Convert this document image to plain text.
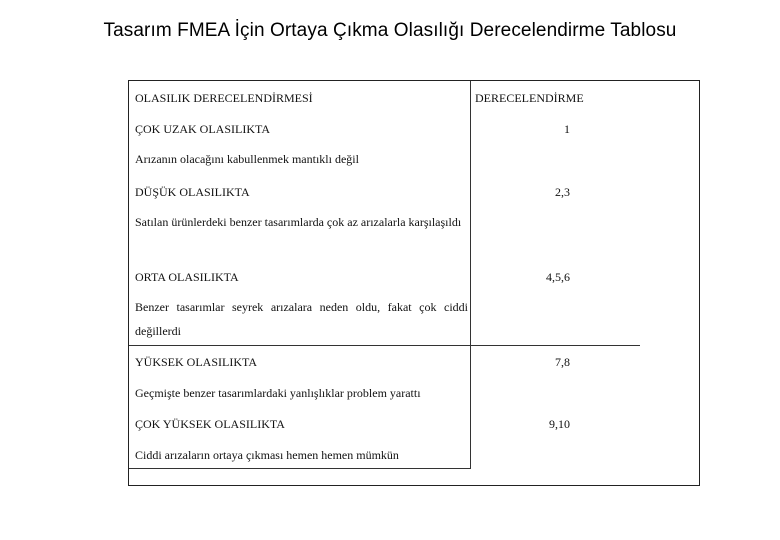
Tasarım FMEA İçin Ortaya Çıkma Olasılığı Derecelendirme Tablosu
OLASILIK DERECELENDİRMESİ	DERECELENDİRME
ÇOK UZAK OLASILIKTA	1
Arızanın olacağını kabullenmek mantıklı değil
DÜŞÜK OLASILIKTA	2,3
Satılan ürünlerdeki benzer tasarımlarda çok az arızalarla karşılaşıldı
ORTA OLASILIKTA	4,5,6
Benzer tasarımlar seyrek arızalara neden oldu, fakat çok ciddi değillerdi
YÜKSEK OLASILIKTA	7,8
Geçmişte benzer tasarımlardaki yanlışlıklar problem yarattı
ÇOK YÜKSEK OLASILIKTA	9,10
Ciddi arızaların ortaya çıkması hemen hemen mümkün
